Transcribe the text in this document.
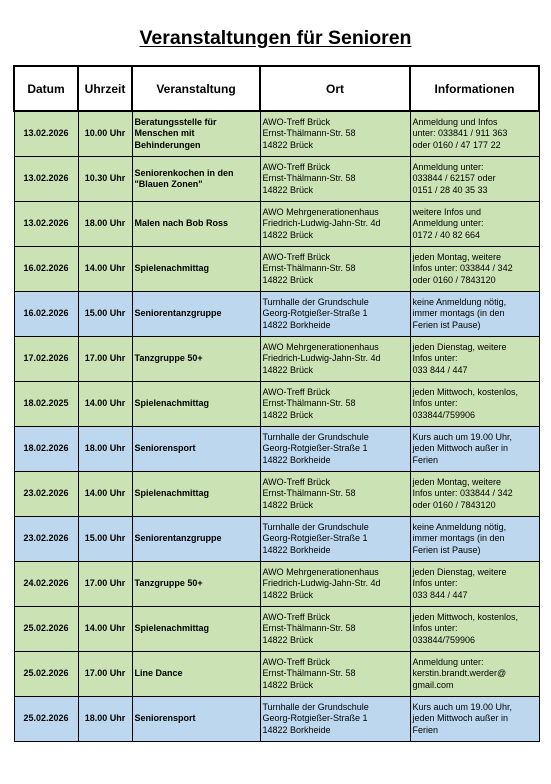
Veranstaltungen für Senioren
Datum	Uhrzeit	Veranstaltung	Ort	Informationen
13.02.2026	10.00 Uhr	Beratungsstelle für
Menschen mit
Behinderungen	AWO-Treff Brück
Ernst-Thälmann-Str. 58
14822 Brück	Anmeldung und Infos
unter: 033841 / 911 363
oder 0160 / 47 177 22

13.02.2026	10.30 Uhr	Seniorenkochen in den
"Blauen Zonen"	AWO-Treff Brück
Ernst-Thälmann-Str. 58
14822 Brück	Anmeldung unter:
033844 / 62157 oder
0151 / 28 40 35 33

13.02.2026	18.00 Uhr	Malen nach Bob Ross	AWO Mehrgenerationenhaus
Friedrich-Ludwig-Jahn-Str. 4d
14822 Brück	weitere Infos und
Anmeldung unter:
0172 / 40 82 664

16.02.2026	14.00 Uhr	Spielenachmittag	AWO-Treff Brück
Ernst-Thälmann-Str. 58
14822 Brück	jeden Montag, weitere
Infos unter: 033844 / 342
oder 0160 / 7843120

16.02.2026	15.00 Uhr	Seniorentanzgruppe	Turnhalle der Grundschule
Georg-Rotgießer-Straße 1
14822 Borkheide	keine Anmeldung nötig,
immer montags (in den
Ferien ist Pause)

17.02.2026	17.00 Uhr	Tanzgruppe 50+	AWO Mehrgenerationenhaus
Friedrich-Ludwig-Jahn-Str. 4d
14822 Brück	jeden Dienstag, weitere
Infos unter:
033 844 / 447

18.02.2025	14.00 Uhr	Spielenachmittag	AWO-Treff Brück
Ernst-Thälmann-Str. 58
14822 Brück	jeden Mittwoch, kostenlos,
Infos unter:
033844/759906

18.02.2026	18.00 Uhr	Seniorensport	Turnhalle der Grundschule
Georg-Rotgießer-Straße 1
14822 Borkheide	Kurs auch um 19.00 Uhr,
jeden Mittwoch außer in
Ferien

23.02.2026	14.00 Uhr	Spielenachmittag	AWO-Treff Brück
Ernst-Thälmann-Str. 58
14822 Brück	jeden Montag, weitere
Infos unter: 033844 / 342
oder 0160 / 7843120

23.02.2026	15.00 Uhr	Seniorentanzgruppe	Turnhalle der Grundschule
Georg-Rotgießer-Straße 1
14822 Borkheide	keine Anmeldung nötig,
immer montags (in den
Ferien ist Pause)

24.02.2026	17.00 Uhr	Tanzgruppe 50+	AWO Mehrgenerationenhaus
Friedrich-Ludwig-Jahn-Str. 4d
14822 Brück	jeden Dienstag, weitere
Infos unter:
033 844 / 447

25.02.2026	14.00 Uhr	Spielenachmittag	AWO-Treff Brück
Ernst-Thälmann-Str. 58
14822 Brück	jeden Mittwoch, kostenlos,
Infos unter:
033844/759906

25.02.2026	17.00 Uhr	Line Dance	AWO-Treff Brück
Ernst-Thälmann-Str. 58
14822 Brück	Anmeldung unter:
kerstin.brandt.werder@
gmail.com

25.02.2026	18.00 Uhr	Seniorensport	Turnhalle der Grundschule
Georg-Rotgießer-Straße 1
14822 Borkheide	Kurs auch um 19.00 Uhr,
jeden Mittwoch außer in
Ferien
